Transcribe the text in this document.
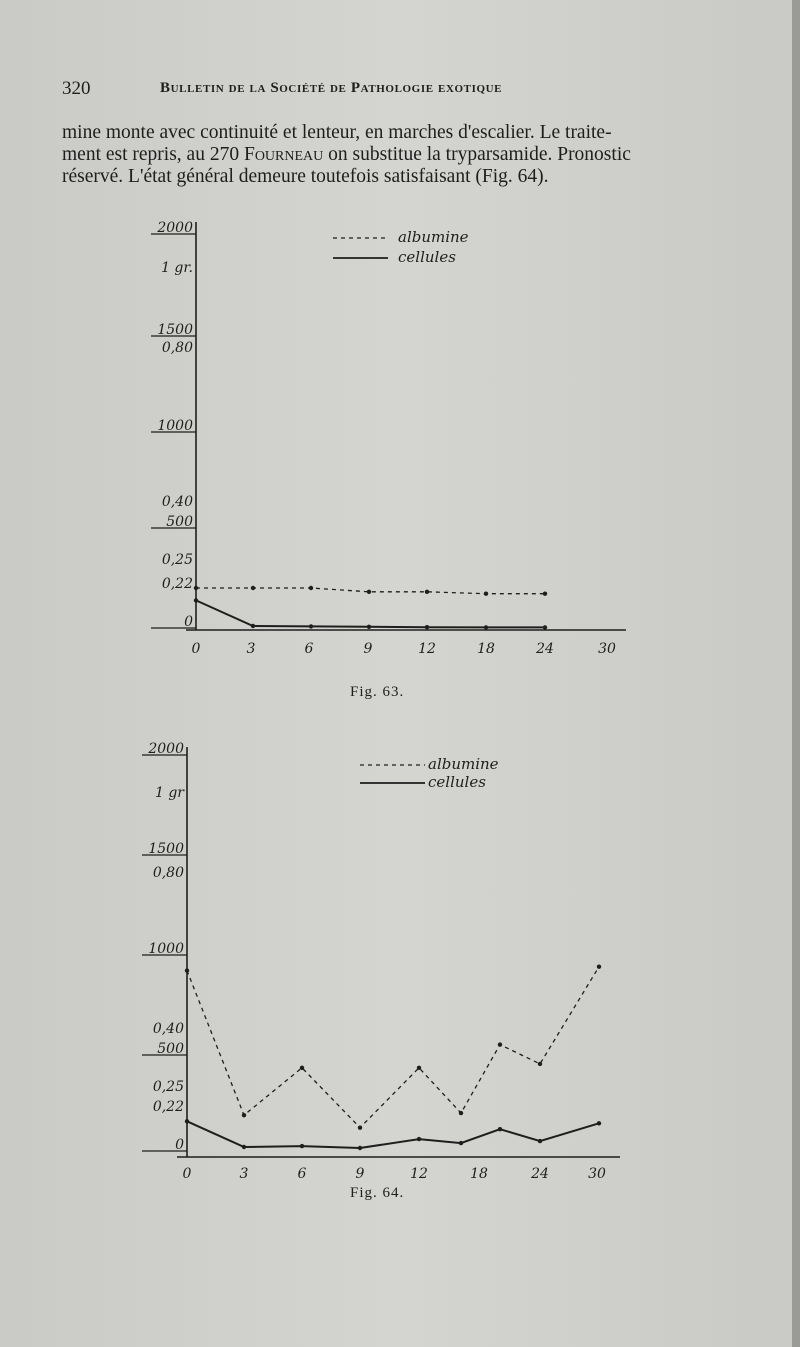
320	Bulletin de la Société de Pathologie exotique
mine monte avec continuité et lenteur, en marches d'escalier. Le traite-
ment est repris, au 270 Fourneau on substitue la tryparsamide. Pronostic
réservé. L'état général demeure toutefois satisfaisant (Fig. 64).
2000
1500
1000
500
0
1 gr.
0,80
0,40
0,25
0,22
0	3	6	9	12	18	24	30
albumine
cellules
Fig. 63.
2000
1500
1000
500
0
1 gr
0,80
0,40
0,25
0,22
0	3	6	9	12	18	24	30
albumine
cellules
Fig. 64.
